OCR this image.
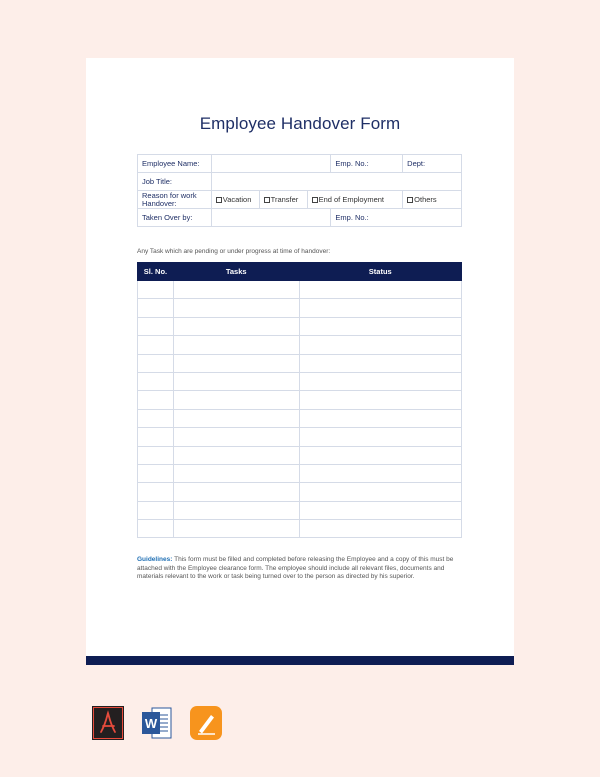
Employee Handover Form
Employee Name:				Emp. No.:	Dept:
Job Title:					
Reason for work Handover:	Vacation	Transfer	End of Employment		Others
Taken Over by:				Emp. No.:	
Any Task which are pending or under progress at time of handover:
Sl. No.	Tasks	Status

Guidelines: This form must be filled and completed before releasing the Employee and a copy of this must be attached with the Employee clearance form. The employee should include all relevant files, documents and materials relevant to the work or task being turned over to the person as directed by his superior.
W
